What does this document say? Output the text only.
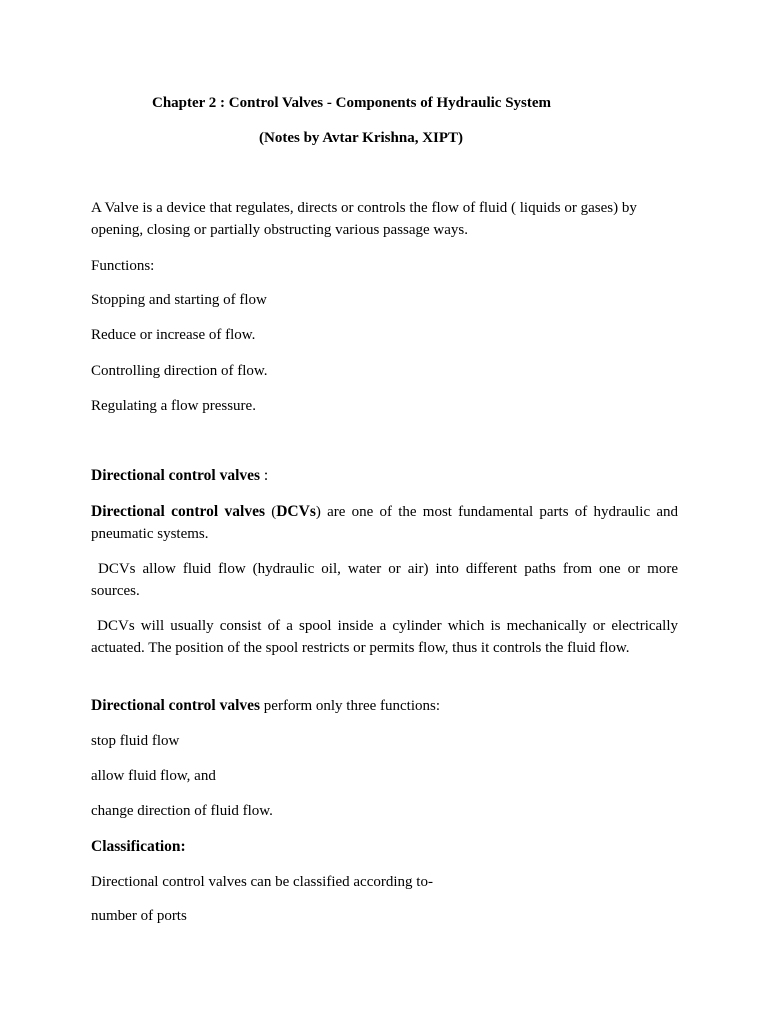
Chapter 2 : Control Valves - Components of Hydraulic System

(Notes by Avtar Krishna, XIPT)

A Valve is a device that regulates, directs or controls the flow of fluid ( liquids or gases) by opening, closing or partially obstructing various passage ways.

Functions:

Stopping and starting of flow

Reduce or increase of flow.

Controlling direction of flow.

Regulating a flow pressure.

Directional control valves :

Directional control valves (DCVs) are one of the most fundamental parts of hydraulic and pneumatic systems.

DCVs allow fluid flow (hydraulic oil, water or air) into different paths from one or more sources.

DCVs will usually consist of a spool inside a cylinder which is mechanically or electrically actuated. The position of the spool restricts or permits flow, thus it controls the fluid flow.

Directional control valves perform only three functions:

stop fluid flow

allow fluid flow, and

change direction of fluid flow.

Classification:

Directional control valves can be classified according to-

number of ports
